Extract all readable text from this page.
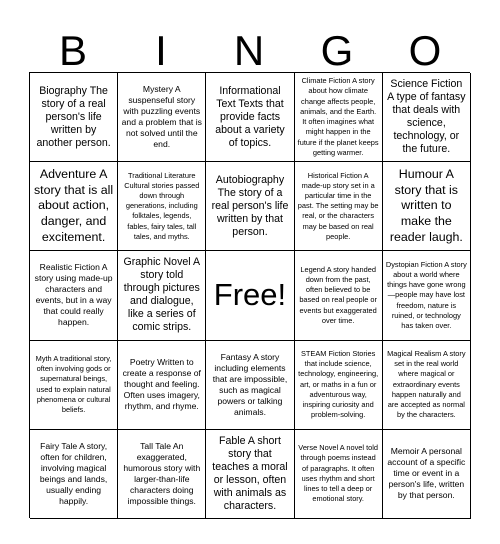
B	I	N	G	O
Biography The story of a real person's life written by another person.
Mystery A suspenseful story with puzzling events and a problem that is not solved until the end.
Informational Text Texts that provide facts about a variety of topics.
Climate Fiction A story about how climate change affects people, animals, and the Earth. It often imagines what might happen in the future if the planet keeps getting warmer.
Science Fiction A type of fantasy that deals with science, technology, or the future.
Adventure A story that is all about action, danger, and excitement.
Traditional Literature Cultural stories passed down through generations, including folktales, legends, fables, fairy tales, tall tales, and myths.
Autobiography The story of a real person's life written by that person.
Historical Fiction A made-up story set in a particular time in the past. The setting may be real, or the characters may be based on real people.
Humour A story that is written to make the reader laugh.
Realistic Fiction A story using made-up characters and events, but in a way that could really happen.
Graphic Novel A story told through pictures and dialogue, like a series of comic strips.
Free!
Legend A story handed down from the past, often believed to be based on real people or events but exaggerated over time.
Dystopian Fiction A story about a world where things have gone wrong—people may have lost freedom, nature is ruined, or technology has taken over.
Myth A traditional story, often involving gods or supernatural beings, used to explain natural phenomena or cultural beliefs.
Poetry Written to create a response of thought and feeling. Often uses imagery, rhythm, and rhyme.
Fantasy A story including elements that are impossible, such as magical powers or talking animals.
STEAM Fiction Stories that include science, technology, engineering, art, or maths in a fun or adventurous way, inspiring curiosity and problem-solving.
Magical Realism A story set in the real world where magical or extraordinary events happen naturally and are accepted as normal by the characters.
Fairy Tale A story, often for children, involving magical beings and lands, usually ending happily.
Tall Tale An exaggerated, humorous story with larger-than-life characters doing impossible things.
Fable A short story that teaches a moral or lesson, often with animals as characters.
Verse Novel A novel told through poems instead of paragraphs. It often uses rhythm and short lines to tell a deep or emotional story.
Memoir A personal account of a specific time or event in a person's life, written by that person.
